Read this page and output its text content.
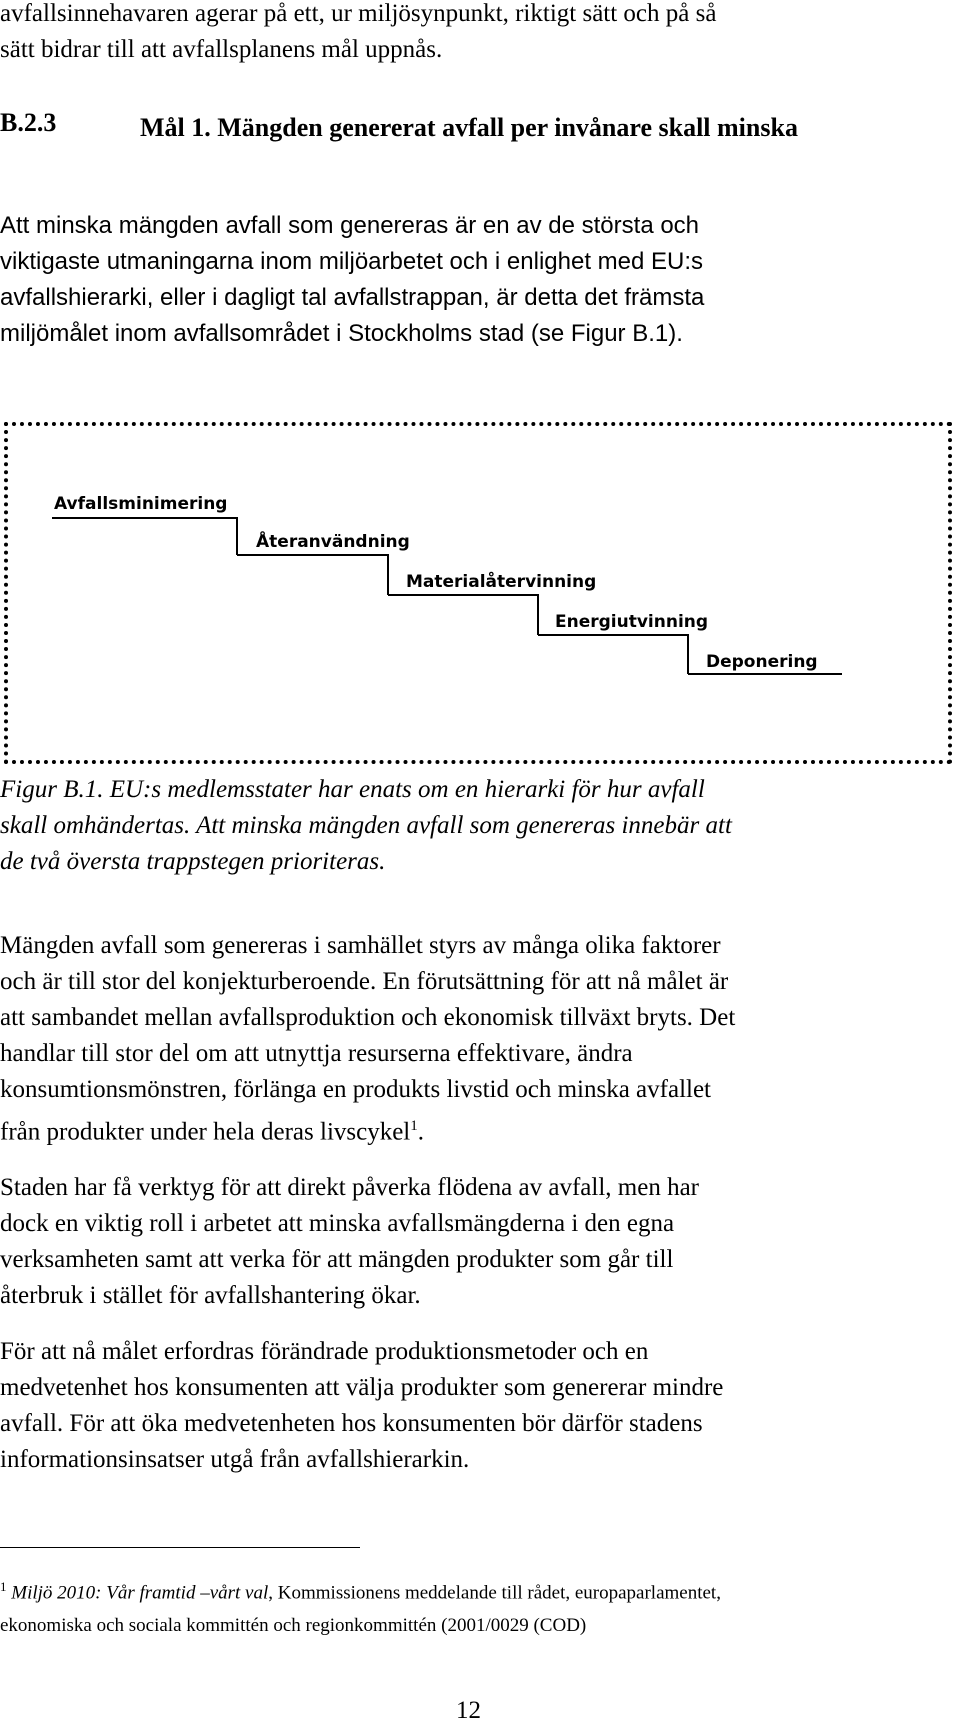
avfallsinnehavaren agerar på ett, ur miljösynpunkt, riktigt sätt och på så
sätt bidrar till att avfallsplanens mål uppnås.
B.2.3	Mål 1. Mängden genererat avfall per invånare skall minska
Att minska mängden avfall som genereras är en av de största och
viktigaste utmaningarna inom miljöarbetet och i enlighet med EU:s
avfallshierarki, eller i dagligt tal avfallstrappan, är detta det främsta
miljömålet inom avfallsområdet i Stockholms stad (se Figur B.1).
Avfallsminimering
Återanvändning
Materialåtervinning
Energiutvinning
Deponering
Figur B.1. EU:s medlemsstater har enats om en hierarki för hur avfall
skall omhändertas. Att minska mängden avfall som genereras innebär att
de två översta trappstegen prioriteras.
Mängden avfall som genereras i samhället styrs av många olika faktorer
och är till stor del konjekturberoende. En förutsättning för att nå målet är
att sambandet mellan avfallsproduktion och ekonomisk tillväxt bryts. Det
handlar till stor del om att utnyttja resurserna effektivare, ändra
konsumtionsmönstren, förlänga en produkts livstid och minska avfallet
från produkter under hela deras livscykel$^1$.
Staden har få verktyg för att direkt påverka flödena av avfall, men har
dock en viktig roll i arbetet att minska avfallsmängderna i den egna
verksamheten samt att verka för att mängden produkter som går till
återbruk i stället för avfallshantering ökar.
För att nå målet erfordras förändrade produktionsmetoder och en
medvetenhet hos konsumenten att välja produkter som genererar mindre
avfall. För att öka medvetenheten hos konsumenten bör därför stadens
informationsinsatser utgå från avfallshierarkin.
$^1$ Miljö 2010: Vår framtid –vårt val, Kommissionens meddelande till rådet, europaparlamentet,
ekonomiska och sociala kommittén och regionkommittén (2001/0029 (COD)
12
